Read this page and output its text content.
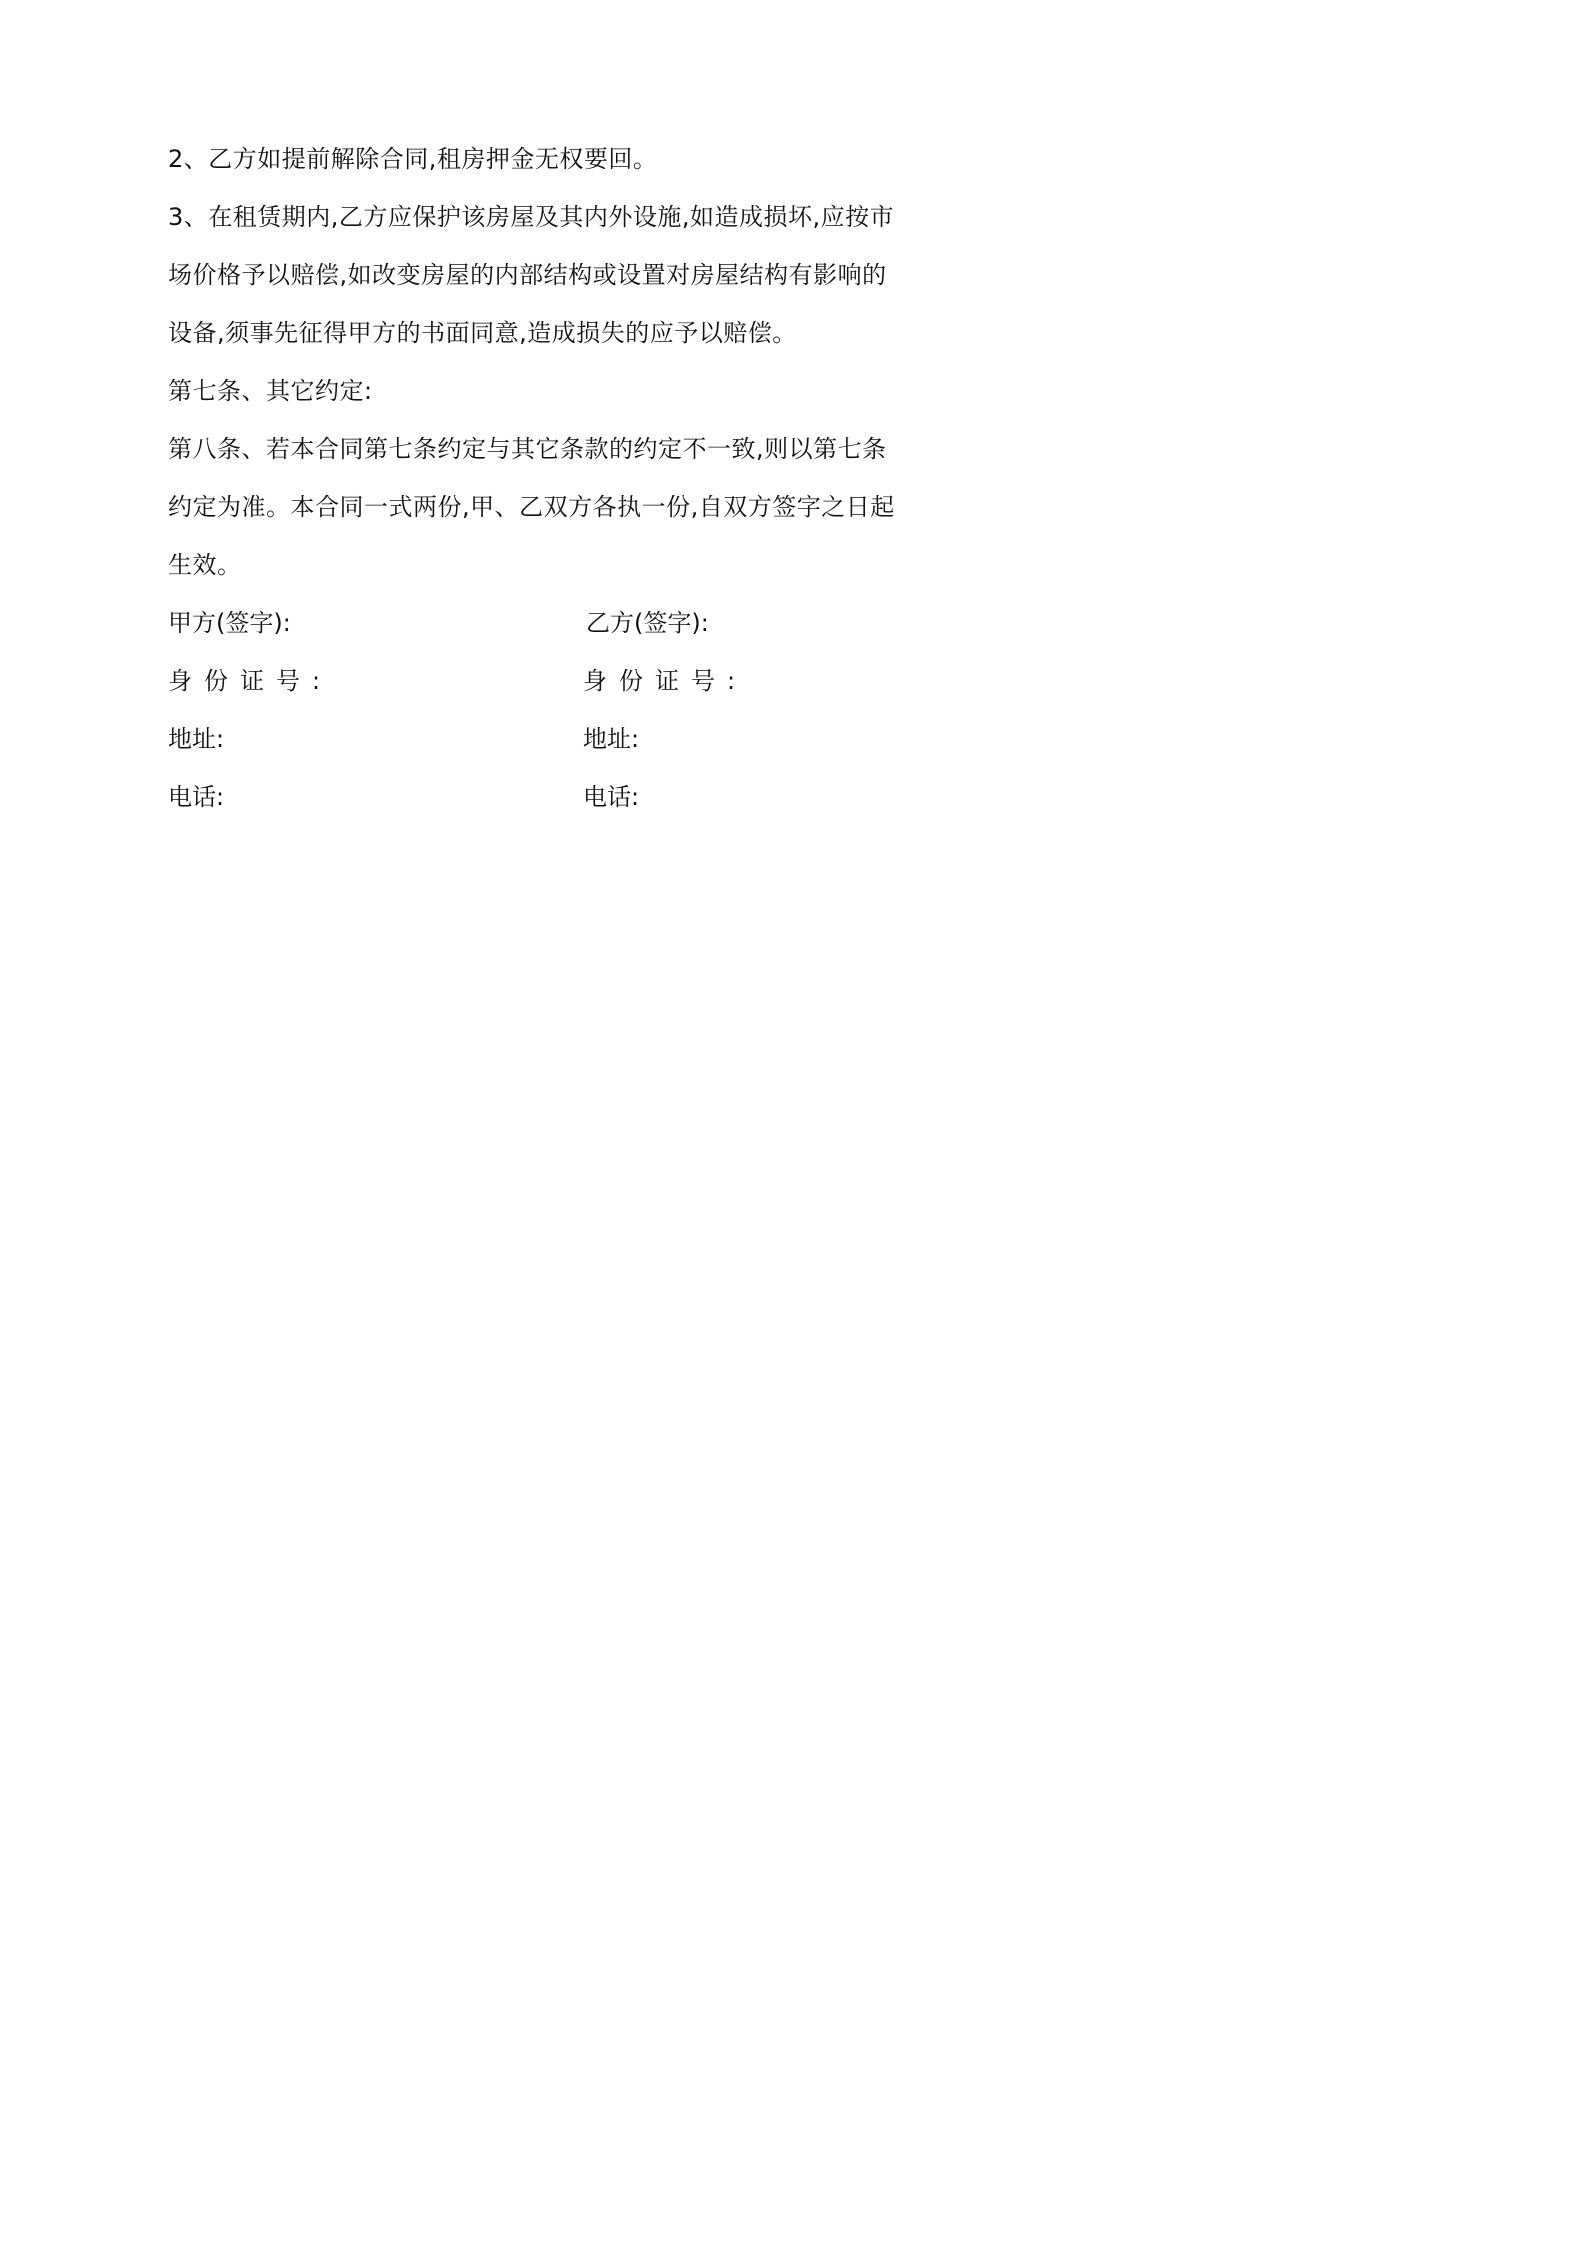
2、乙方如提前解除合同,租房押金无权要回。

3、在租赁期内,乙方应保护该房屋及其内外设施,如造成损坏,应按市

场价格予以赔偿,如改变房屋的内部结构或设置对房屋结构有影响的

设备,须事先征得甲方的书面同意,造成损失的应予以赔偿。

第七条、其它约定:

第八条、若本合同第七条约定与其它条款的约定不一致,则以第七条

约定为准。本合同一式两份,甲、乙双方各执一份,自双方签字之日起

生效。

甲方(签字):

身份证号:

地址:

电话:

乙方(签字):

身份证号:

地址:

电话:
